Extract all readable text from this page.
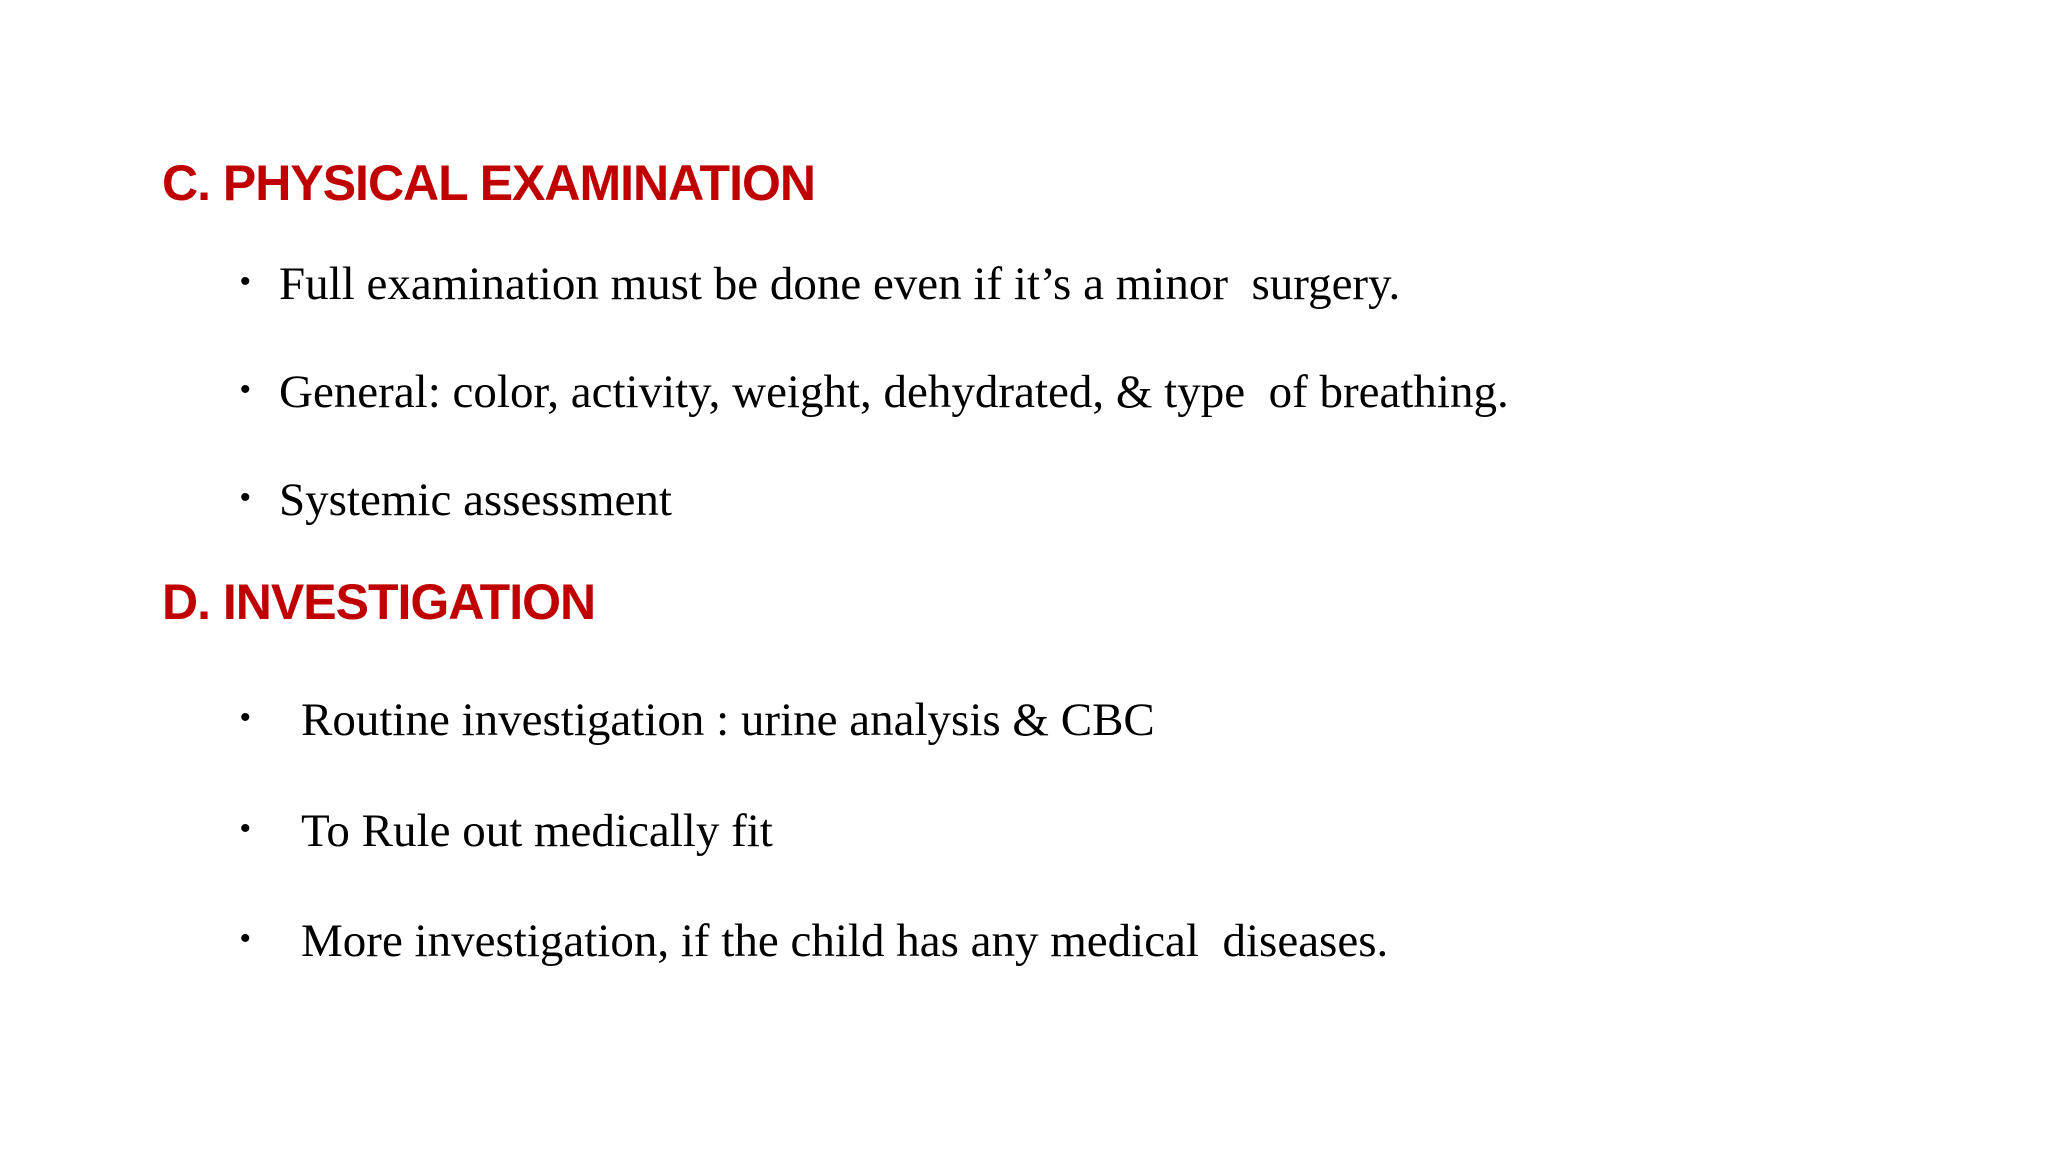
C. PHYSICAL EXAMINATION

•

Full examination must be done even if it’s a minor  surgery.

•

General: color, activity, weight, dehydrated, & type  of breathing.

•

Systemic assessment

D. INVESTIGATION

•

Routine investigation : urine analysis & CBC

•

To Rule out medically fit

•

More investigation, if the child has any medical  diseases.
